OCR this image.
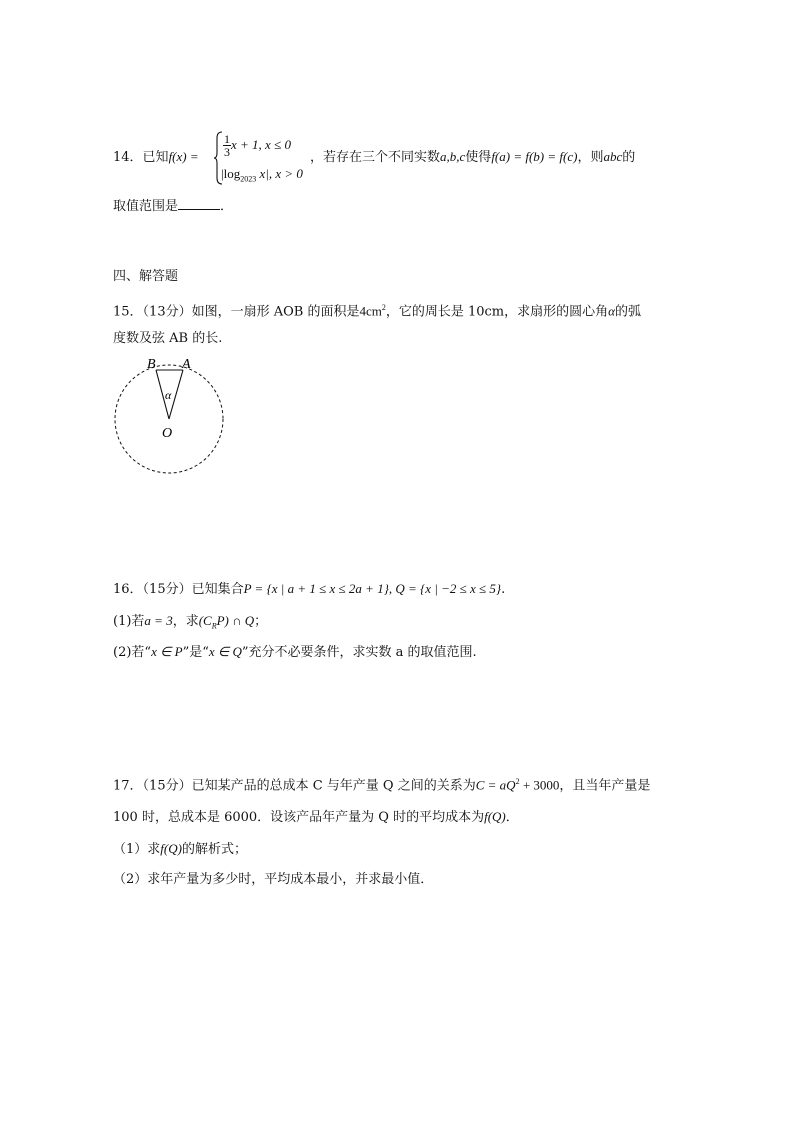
14．已知$f(x) = \frac{1}{3}$ x + 1, x ≤ 0
$|\log_{2023}$ x|, x > 0
，若存在三个不同实数a,b,c使得f(a) = f(b) = f(c)，则abc的
取值范围是	．
四、解答题
15．（13分）如图，一扇形 AOB 的面积是$4cm^2$，它的周长是 10cm，求扇形的圆心角α的弧
度数及弦 AB 的长.
B A
α
O
16．（15分）已知集合P = {x | a + 1 ≤ x ≤ 2a + 1}, Q = {x | −2 ≤ x ≤ 5}.
(1)若a = 3，求$(C_RP)$ ∩ Q；
(2)若“x ∈ P”是“x ∈ Q”充分不必要条件，求实数 a 的取值范围.
17．（15分）已知某产品的总成本 C 与年产量 Q 之间的关系为$C = aQ^2 + 3000$，且当年产量是
100 时，总成本是 6000．设该产品年产量为 Q 时的平均成本为f(Q)．
（1）求f(Q)的解析式；
（2）求年产量为多少时，平均成本最小，并求最小值．
